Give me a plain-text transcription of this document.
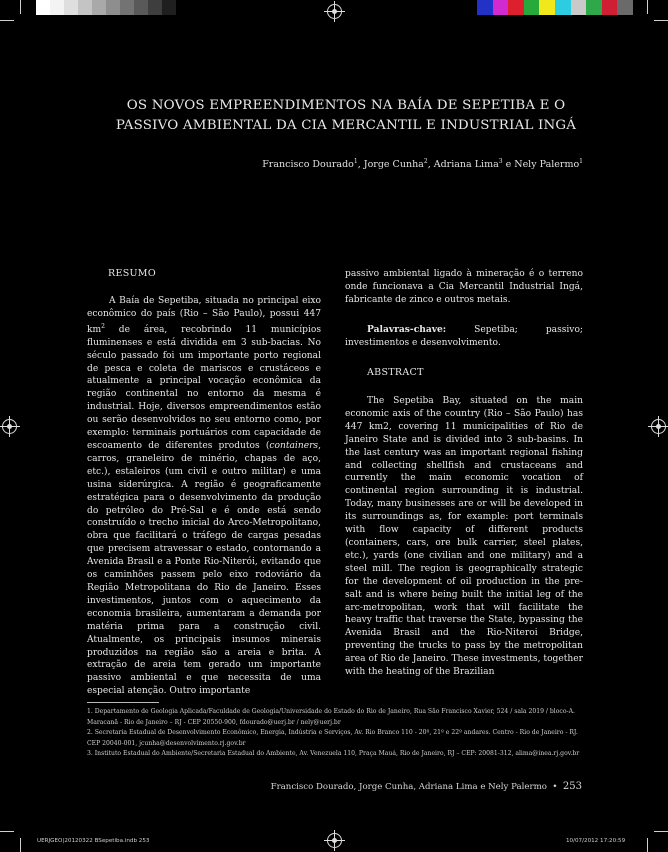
OS NOVOS EMPREENDIMENTOS NA BAÍA DE SEPETIBA E O
PASSIVO AMBIENTAL DA CIA MERCANTIL E INDUSTRIAL INGÁ
Francisco Dourado$^1$, Jorge Cunha$^2$, Adriana Lima$^3$ e Nely Palermo$^1$
RESUMO

A Baía de Sepetiba, situada no principal eixo econômico do país (Rio – São Paulo), possui 447 $km^2$ de área, recobrindo 11 municípios fluminenses e está dividida em 3 sub-bacias. No século passado foi um importante porto regional de pesca e coleta de mariscos e crustáceos e atualmente a principal vocação econômica da região continental no entorno da mesma é industrial. Hoje, diversos empreendimentos estão ou serão desenvolvidos no seu entorno como, por exemplo: terminais portuários com capacidade de escoamento de diferentes produtos (containers, carros, graneleiro de minério, chapas de aço, etc.), estaleiros (um civil e outro militar) e uma usina siderúrgica. A região é geograficamente estratégica para o desenvolvimento da produção do petróleo do Pré-Sal e é onde está sendo construído o trecho inicial do Arco-Metropolitano, obra que facilitará o tráfego de cargas pesadas que precisem atravessar o estado, contornando a Avenida Brasil e a Ponte Rio-Niterói, evitando que os caminhões passem pelo eixo rodoviário da Região Metropolitana do Rio de Janeiro. Esses investimentos, juntos com o aquecimento da economia brasileira, aumentaram a demanda por matéria prima para a construção civil. Atualmente, os principais insumos minerais produzidos na região são a areia e brita. A extração de areia tem gerado um importante passivo ambiental e que necessita de uma especial atenção. Outro importante

passivo ambiental ligado à mineração é o terreno onde funcionava a Cia Mercantil Industrial Ingá, fabricante de zinco e outros metais.

Palavras-chave: Sepetiba; passivo; investimentos e desenvolvimento.

ABSTRACT

The Sepetiba Bay, situated on the main economic axis of the country (Rio – São Paulo) has 447 km2, covering 11 municipalities of Rio de Janeiro State and is divided into 3 sub-basins. In the last century was an important regional fishing and collecting shellfish and crustaceans and currently the main economic vocation of continental region surrounding it is industrial. Today, many businesses are or will be developed in its surroundings as, for example: port terminals with flow capacity of different products (containers, cars, ore bulk carrier, steel plates, etc.), yards (one civilian and one military) and a steel mill. The region is geographically strategic for the development of oil production in the pre-salt and is where being built the initial leg of the arc-metropolitan, work that will facilitate the heavy traffic that traverse the State, bypassing the Avenida Brasil and the Rio-Niteroi Bridge, preventing the trucks to pass by the metropolitan area of Rio de Janeiro. These investments, together with the heating of the Brazilian

1. Departamento de Geologia Aplicada/Faculdade de Geologia/Universidade do Estado do Rio de Janeiro, Rua São Francisco Xavier, 524 / sala 2019 / bloco-A. Maracanã - Rio de Janeiro – RJ - CEP 20550-900, fdourado@uerj.br / nely@uerj.br
2. Secretaria Estadual de Desenvolvimento Econômico, Energia, Indústria e Serviços, Av. Rio Branco 110 - 20º, 21º e 22º andares. Centro - Rio de Janeiro - RJ. CEP 20040-001, jcunha@desenvolvimento.rj.gov.br
3. Instituto Estadual do Ambiente/Secretaria Estadual do Ambiente, Av. Venezuela 110, Praça Mauá, Rio de Janeiro, RJ – CEP: 20081-312, alima@inea.rj.gov.br
Francisco Dourado, Jorge Cunha, Adriana Lima e Nely Palermo • 253
UERJGEO|20120322 BSepetiba.indb 253	10/07/2012 17:20:59
